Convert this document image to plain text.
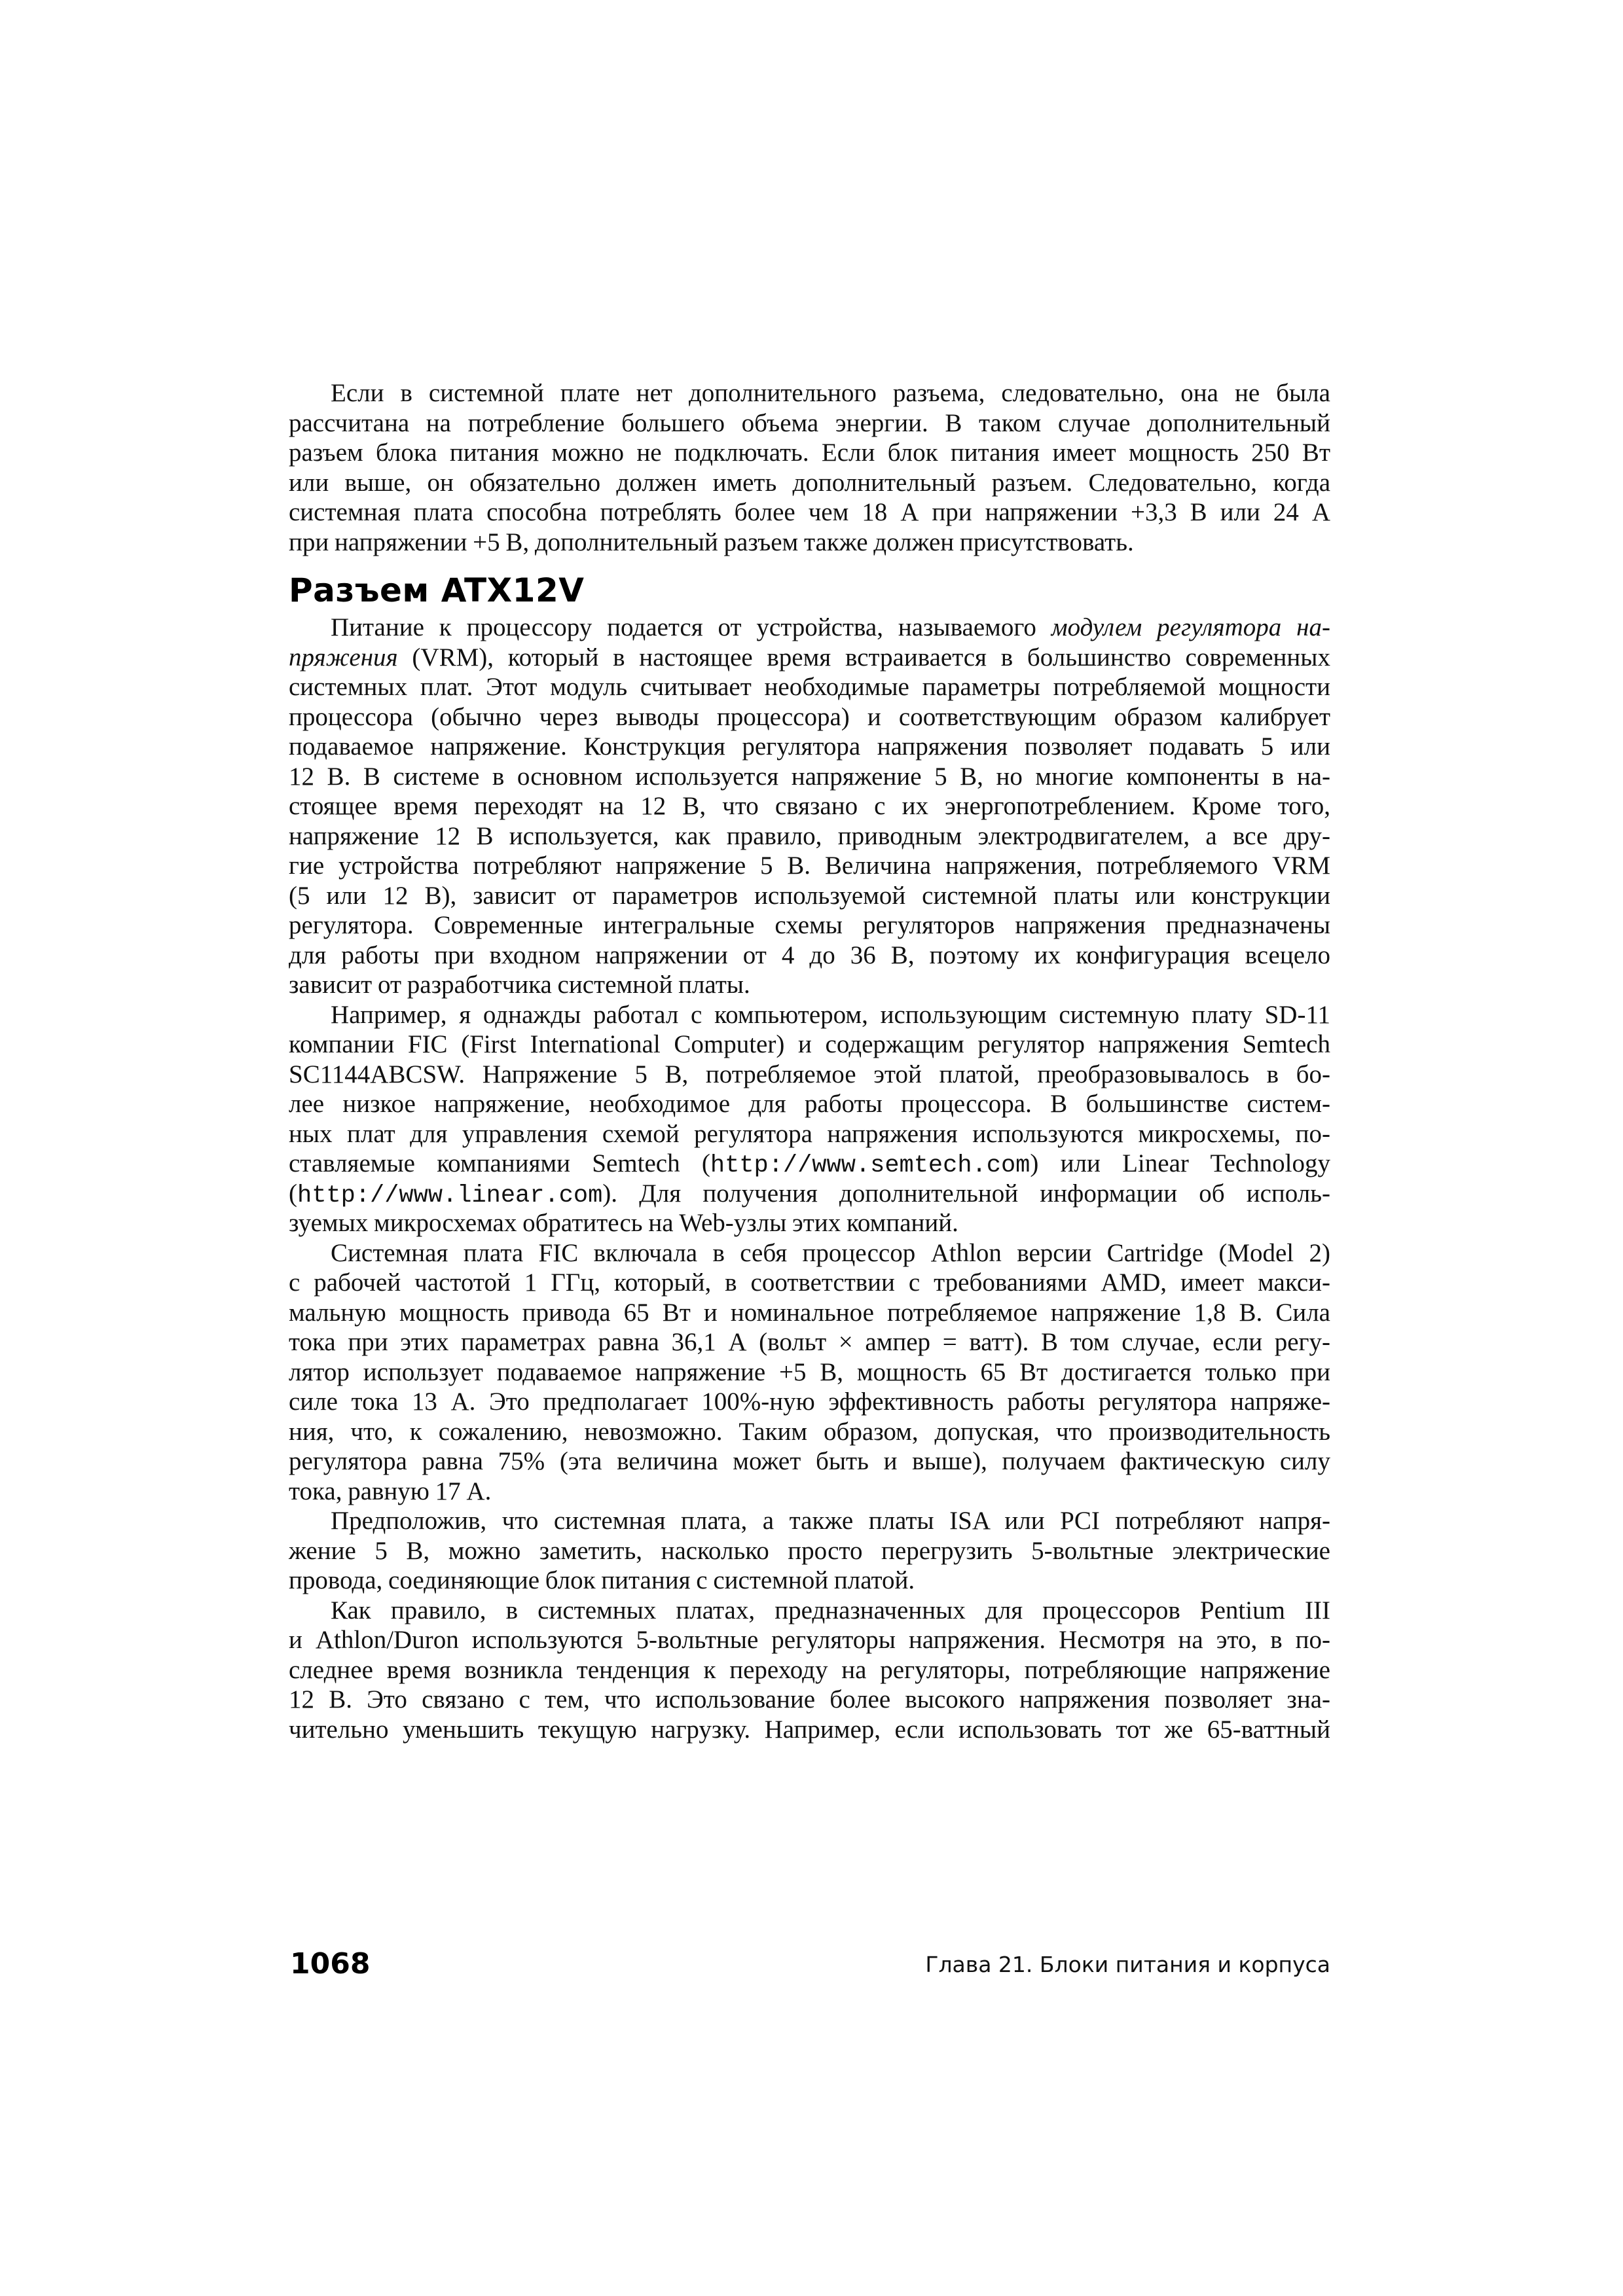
Если в системной плате нет дополнительного разъема, следовательно, она не была
рассчитана на потребление большего объема энергии. В таком случае дополнительный
разъем блока питания можно не подключать. Если блок питания имеет мощность 250 Вт
или выше, он обязательно должен иметь дополнительный разъем. Следовательно, когда
системная плата способна потреблять более чем 18 А при напряжении +3,3 В или 24 А
при напряжении +5 В, дополнительный разъем также должен присутствовать.
Разъем ATX12V
Питание к процессору подается от устройства, называемого модулем регулятора на-
пряжения (VRM), который в настоящее время встраивается в большинство современных
системных плат. Этот модуль считывает необходимые параметры потребляемой мощности
процессора (обычно через выводы процессора) и соответствующим образом калибрует
подаваемое напряжение. Конструкция регулятора напряжения позволяет подавать 5 или
12 В. В системе в основном используется напряжение 5 В, но многие компоненты в на-
стоящее время переходят на 12 В, что связано с их энергопотреблением. Кроме того,
напряжение 12 В используется, как правило, приводным электродвигателем, а все дру-
гие устройства потребляют напряжение 5 В. Величина напряжения, потребляемого VRM
(5 или 12 В), зависит от параметров используемой системной платы или конструкции
регулятора. Современные интегральные схемы регуляторов напряжения предназначены
для работы при входном напряжении от 4 до 36 В, поэтому их конфигурация всецело
зависит от разработчика системной платы.
Например, я однажды работал с компьютером, использующим системную плату SD-11
компании FIC (First International Computer) и содержащим регулятор напряжения Semtech
SC1144ABCSW. Напряжение 5 В, потребляемое этой платой, преобразовывалось в бо-
лее низкое напряжение, необходимое для работы процессора. В большинстве систем-
ных плат для управления схемой регулятора напряжения используются микросхемы, по-
ставляемые компаниями Semtech (http://www.semtech.com) или Linear Technology
(http://www.linear.com). Для получения дополнительной информации об исполь-
зуемых микросхемах обратитесь на Web-узлы этих компаний.
Системная плата FIC включала в себя процессор Athlon версии Cartridge (Model 2)
с рабочей частотой 1 ГГц, который, в соответствии с требованиями AMD, имеет макси-
мальную мощность привода 65 Вт и номинальное потребляемое напряжение 1,8 В. Сила
тока при этих параметрах равна 36,1 А (вольт × ампер = ватт). В том случае, если регу-
лятор использует подаваемое напряжение +5 В, мощность 65 Вт достигается только при
силе тока 13 А. Это предполагает 100%-ную эффективность работы регулятора напряже-
ния, что, к сожалению, невозможно. Таким образом, допуская, что производительность
регулятора равна 75% (эта величина может быть и выше), получаем фактическую силу
тока, равную 17 А.
Предположив, что системная плата, а также платы ISA или PCI потребляют напря-
жение 5 В, можно заметить, насколько просто перегрузить 5-вольтные электрические
провода, соединяющие блок питания с системной платой.
Как правило, в системных платах, предназначенных для процессоров Pentium III
и Athlon/Duron используются 5-вольтные регуляторы напряжения. Несмотря на это, в по-
следнее время возникла тенденция к переходу на регуляторы, потребляющие напряжение
12 В. Это связано с тем, что использование более высокого напряжения позволяет зна-
чительно уменьшить текущую нагрузку. Например, если использовать тот же 65-ваттный
1068	Глава 21. Блоки питания и корпуса
